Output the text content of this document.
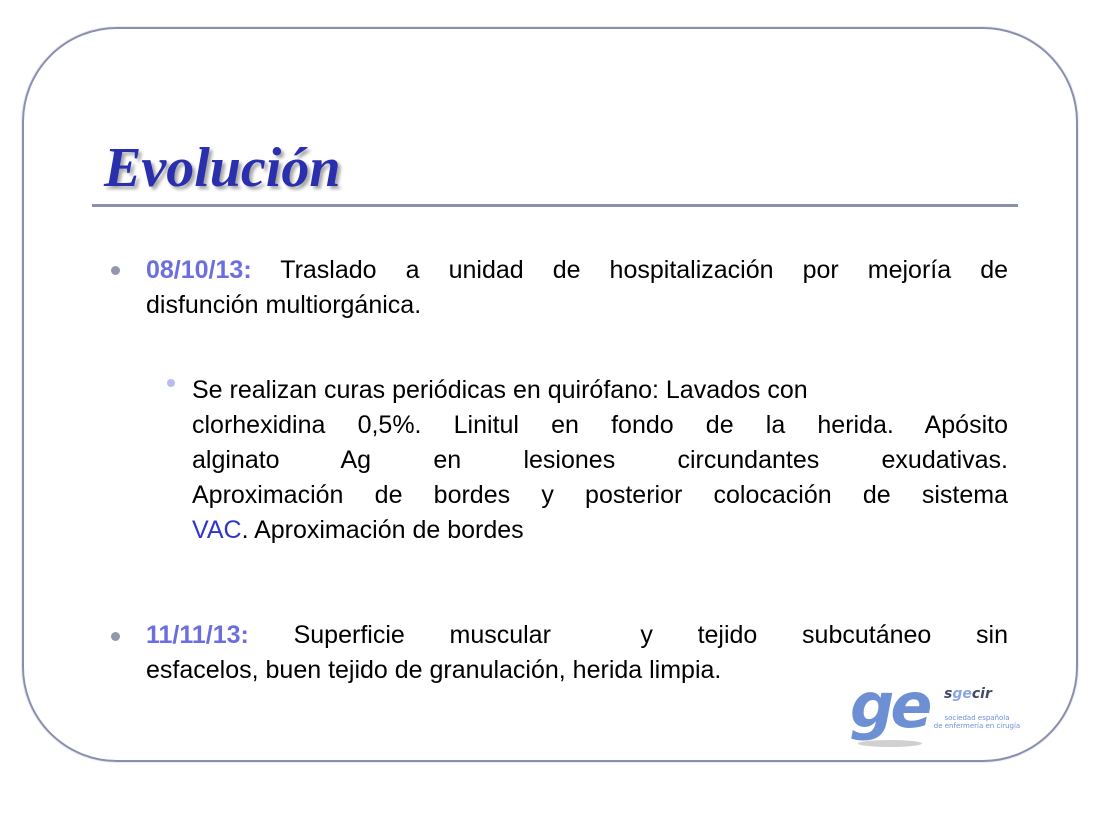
Evolución
08/10/13: Traslado a unidad de hospitalización por mejoría de
disfunción multiorgánica.
Se realizan curas periódicas en quirófano: Lavados con
clorhexidina 0,5%. Linitul en fondo de la herida. Apósito
alginato Ag en lesiones circundantes exudativas.
Aproximación de bordes y posterior colocación de sistema
VAC. Aproximación de bordes
11/11/13: Superficie muscular  y tejido subcutáneo sin
esfacelos, buen tejido de granulación, herida limpia.	ge sgecir
sociedad española
de enfermería en cirugía
